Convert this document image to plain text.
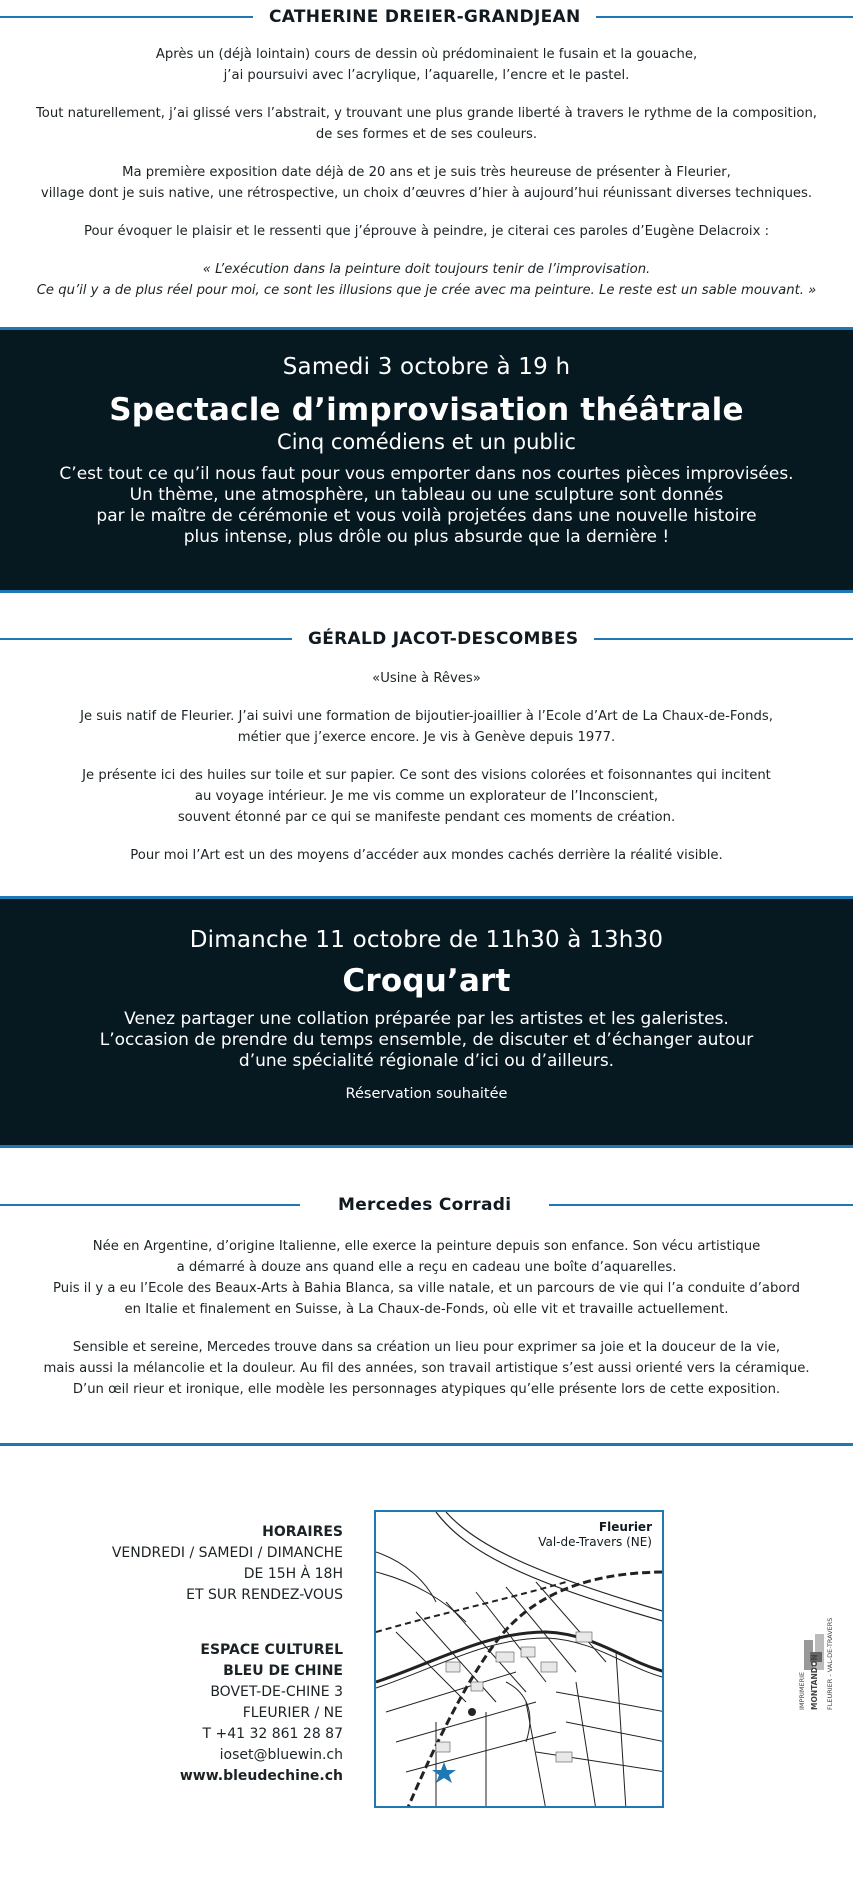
CATHERINE DREIER-GRANDJEAN

Après un (déjà lointain) cours de dessin où prédominaient le fusain et la gouache,
j’ai poursuivi avec l’acrylique, l’aquarelle, l’encre et le pastel.

Tout naturellement, j’ai glissé vers l’abstrait, y trouvant une plus grande liberté à travers le rythme de la composition,
de ses formes et de ses couleurs.

Ma première exposition date déjà de 20 ans et je suis très heureuse de présenter à Fleurier,
village dont je suis native, une rétrospective, un choix d’œuvres d’hier à aujourd’hui réunissant diverses techniques.

Pour évoquer le plaisir et le ressenti que j’éprouve à peindre, je citerai ces paroles d’Eugène Delacroix :

« L’exécution dans la peinture doit toujours tenir de l’improvisation.
Ce qu’il y a de plus réel pour moi, ce sont les illusions que je crée avec ma peinture. Le reste est un sable mouvant. »

Samedi 3 octobre à 19 h
Spectacle d’improvisation théâtrale
Cinq comédiens et un public
C’est tout ce qu’il nous faut pour vous emporter dans nos courtes pièces improvisées.
Un thème, une atmosphère, un tableau ou une sculpture sont donnés
par le maître de cérémonie et vous voilà projetées dans une nouvelle histoire
plus intense, plus drôle ou plus absurde que la dernière !
GÉRALD JACOT-DESCOMBES

«Usine à Rêves»

Je suis natif de Fleurier. J’ai suivi une formation de bijoutier-joaillier à l’Ecole d’Art de La Chaux-de-Fonds,
métier que j’exerce encore. Je vis à Genève depuis 1977.

Je présente ici des huiles sur toile et sur papier. Ce sont des visions colorées et foisonnantes qui incitent
au voyage intérieur. Je me vis comme un explorateur de l’Inconscient,
souvent étonné par ce qui se manifeste pendant ces moments de création.

Pour moi l’Art est un des moyens d’accéder aux mondes cachés derrière la réalité visible.

Dimanche 11 octobre de 11h30 à 13h30
Croqu’art
Venez partager une collation préparée par les artistes et les galeristes.
L’occasion de prendre du temps ensemble, de discuter et d’échanger autour
d’une spécialité régionale d’ici ou d’ailleurs.
Réservation souhaitée
Mercedes Corradi

Née en Argentine, d’origine Italienne, elle exerce la peinture depuis son enfance. Son vécu artistique
a démarré à douze ans quand elle a reçu en cadeau une boîte d’aquarelles.
Puis il y a eu l’Ecole des Beaux-Arts à Bahia Blanca, sa ville natale, et un parcours de vie qui l’a conduite d’abord
en Italie et finalement en Suisse, à La Chaux-de-Fonds, où elle vit et travaille actuellement.

Sensible et sereine, Mercedes trouve dans sa création un lieu pour exprimer sa joie et la douceur de la vie,
mais aussi la mélancolie et la douleur. Au fil des années, son travail artistique s’est aussi orienté vers la céramique.
D’un œil rieur et ironique, elle modèle les personnages atypiques qu’elle présente lors de cette exposition.

HORAIRES
VENDREDI / SAMEDI / DIMANCHE
DE 15H À 18H
ET SUR RENDEZ-VOUS
ESPACE CULTUREL
BLEU DE CHINE
BOVET-DE-CHINE 3
FLEURIER / NE
T +41 32 861 28 87
ioset@bluewin.ch
www.bleudechine.ch
Fleurier
Val-de-Travers (NE)
IMPRIMERIE MONTANDON FLEURIER - VAL-DE-TRAVERS
